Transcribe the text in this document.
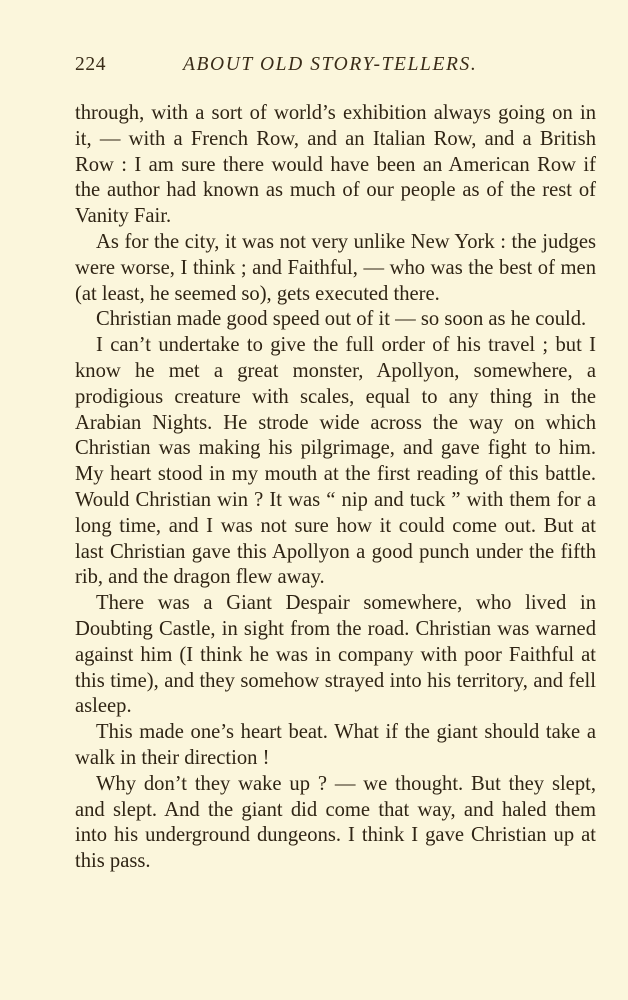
224	ABOUT OLD STORY-TELLERS.

through, with a sort of world’s exhibition always going on in it, — with a French Row, and an Italian Row, and a British Row : I am sure there would have been an American Row if the author had known as much of our people as of the rest of Vanity Fair.

As for the city, it was not very unlike New York : the judges were worse, I think ; and Faithful, — who was the best of men (at least, he seemed so), gets executed there.

Christian made good speed out of it — so soon as he could.

I can’t undertake to give the full order of his travel ; but I know he met a great monster, Apollyon, somewhere, a prodigious creature with scales, equal to any thing in the Arabian Nights. He strode wide across the way on which Christian was making his pilgrimage, and gave fight to him. My heart stood in my mouth at the first reading of this battle. Would Christian win ? It was “ nip and tuck ” with them for a long time, and I was not sure how it could come out. But at last Christian gave this Apollyon a good punch under the fifth rib, and the dragon flew away.

There was a Giant Despair somewhere, who lived in Doubting Castle, in sight from the road. Christian was warned against him (I think he was in company with poor Faithful at this time), and they somehow strayed into his territory, and fell asleep.

This made one’s heart beat. What if the giant should take a walk in their direction !

Why don’t they wake up ? — we thought. But they slept, and slept. And the giant did come that way, and haled them into his underground dungeons. I think I gave Christian up at this pass.
